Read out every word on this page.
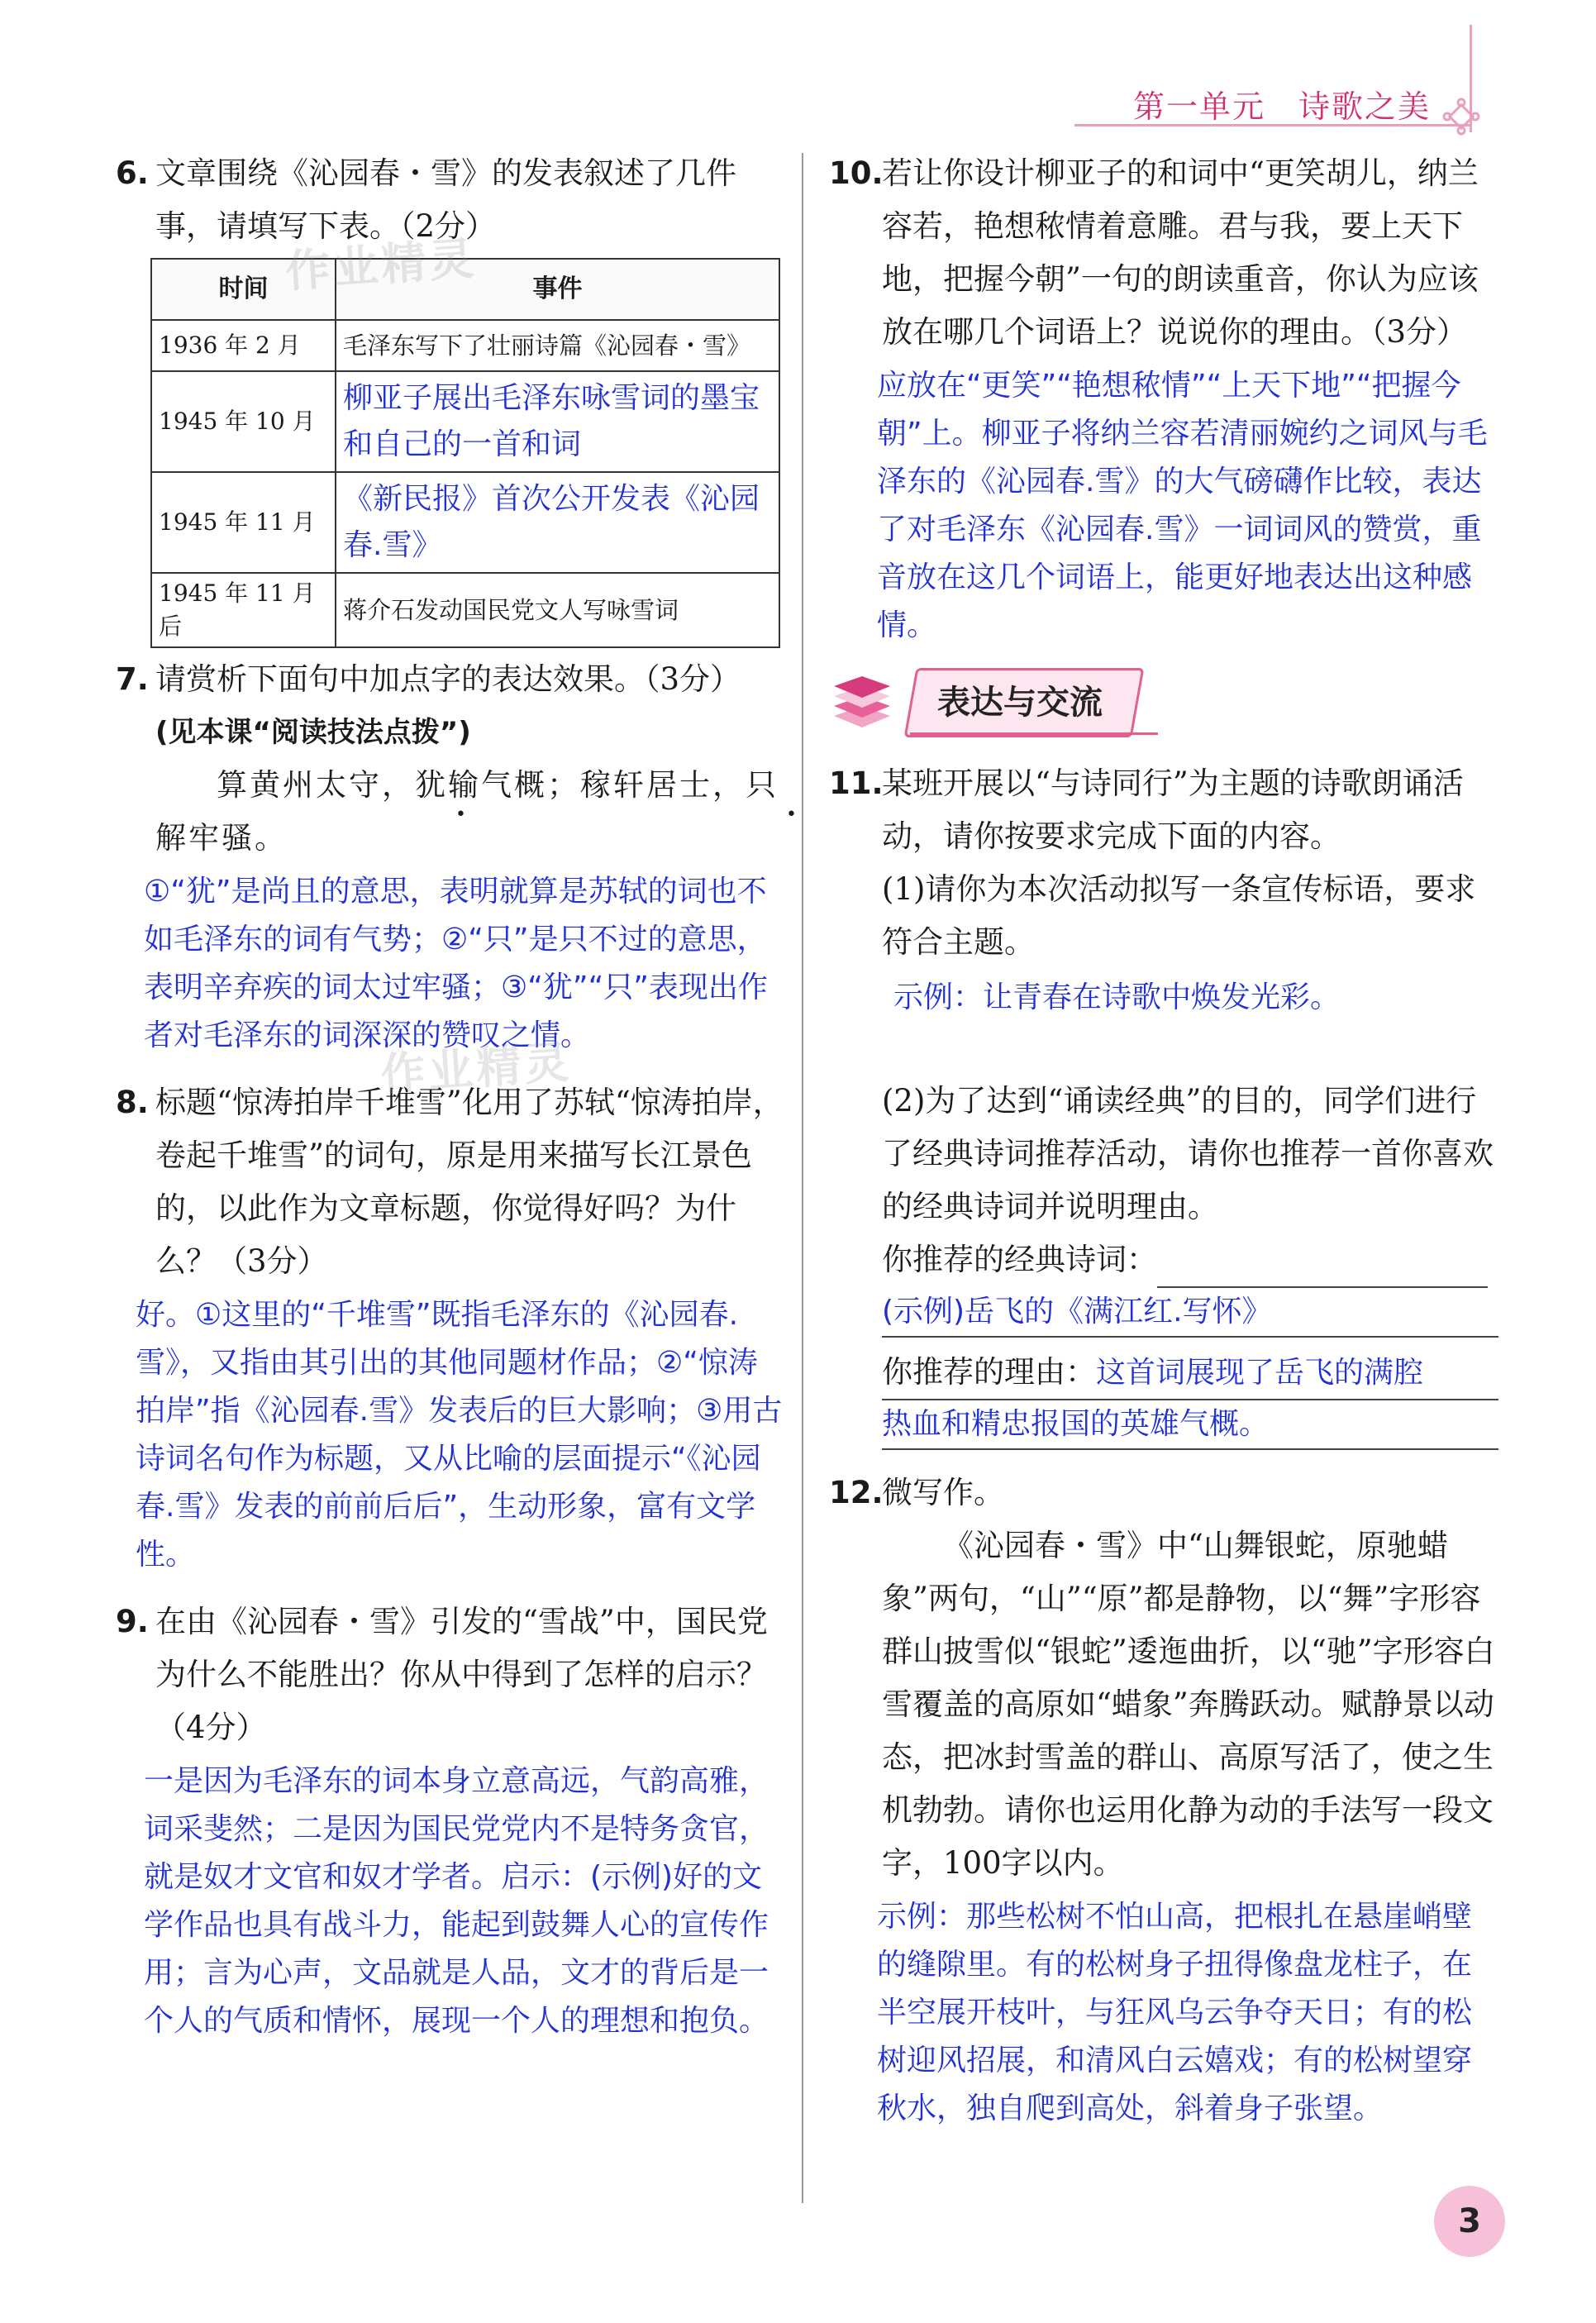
第一单元　诗歌之美
6. 文章围绕《沁园春・雪》的发表叙述了几件事，请填写下表。（2分）
时间	事件
1936 年 2 月	毛泽东写下了壮丽诗篇《沁园春・雪》
1945 年 10 月	柳亚子展出毛泽东咏雪词的墨宝和自己的一首和词
1945 年 11 月	《新民报》首次公开发表《沁园春.雪》
1945 年 11 月后	蒋介石发动国民党文人写咏雪词
7. 请赏析下面句中加点字的表达效果。（3分）
(见本课“阅读技法点拨”)
算黄州太守，犹输气概；稼轩居士，只解牢骚。
①“犹”是尚且的意思，表明就算是苏轼的词也不如毛泽东的词有气势；②“只”是只不过的意思，表明辛弃疾的词太过牢骚；③“犹”“只”表现出作者对毛泽东的词深深的赞叹之情。
8. 标题“惊涛拍岸千堆雪”化用了苏轼“惊涛拍岸，卷起千堆雪”的词句，原是用来描写长江景色的，以此作为文章标题，你觉得好吗？为什么？（3分）
好。①这里的“千堆雪”既指毛泽东的《沁园春.雪》，又指由其引出的其他同题材作品；②“惊涛拍岸”指《沁园春.雪》发表后的巨大影响；③用古诗词名句作为标题，又从比喻的层面提示“《沁园春.雪》发表的前前后后”，生动形象，富有文学性。
9. 在由《沁园春・雪》引发的“雪战”中，国民党为什么不能胜出？你从中得到了怎样的启示？（4分）
一是因为毛泽东的词本身立意高远，气韵高雅，词采斐然；二是因为国民党党内不是特务贪官，就是奴才文官和奴才学者。启示：(示例)好的文学作品也具有战斗力，能起到鼓舞人心的宣传作用；言为心声，文品就是人品，文才的背后是一个人的气质和情怀，展现一个人的理想和抱负。
10.
若让你设计柳亚子的和词中“更笑胡儿，纳兰容若，艳想秾情着意雕。君与我，要上天下地，把握今朝”一句的朗读重音，你认为应该放在哪几个词语上？说说你的理由。（3分）
应放在“更笑”“艳想秾情”“上天下地”“把握今朝”上。柳亚子将纳兰容若清丽婉约之词风与毛泽东的《沁园春.雪》的大气磅礴作比较，表达了对毛泽东《沁园春.雪》一词词风的赞赏，重音放在这几个词语上，能更好地表达出这种感情。
表达与交流
11.
某班开展以“与诗同行”为主题的诗歌朗诵活动，请你按要求完成下面的内容。
(1)请你为本次活动拟写一条宣传标语，要求符合主题。
示例：让青春在诗歌中焕发光彩。
(2)为了达到“诵读经典”的目的，同学们进行了经典诗词推荐活动，请你也推荐一首你喜欢的经典诗词并说明理由。
你推荐的经典诗词：
(示例)岳飞的《满江红.写怀》
你推荐的理由：这首词展现了岳飞的满腔
热血和精忠报国的英雄气概。
12.
微写作。
《沁园春・雪》中“山舞银蛇，原驰蜡象”两句，“山”“原”都是静物，以“舞”字形容群山披雪似“银蛇”逶迤曲折，以“驰”字形容白雪覆盖的高原如“蜡象”奔腾跃动。赋静景以动态，把冰封雪盖的群山、高原写活了，使之生机勃勃。请你也运用化静为动的手法写一段文字，100字以内。
示例：那些松树不怕山高，把根扎在悬崖峭壁的缝隙里。有的松树身子扭得像盘龙柱子，在半空展开枝叶，与狂风乌云争夺天日；有的松树迎风招展，和清风白云嬉戏；有的松树望穿秋水，独自爬到高处，斜着身子张望。
作业精灵
作业精灵
3
